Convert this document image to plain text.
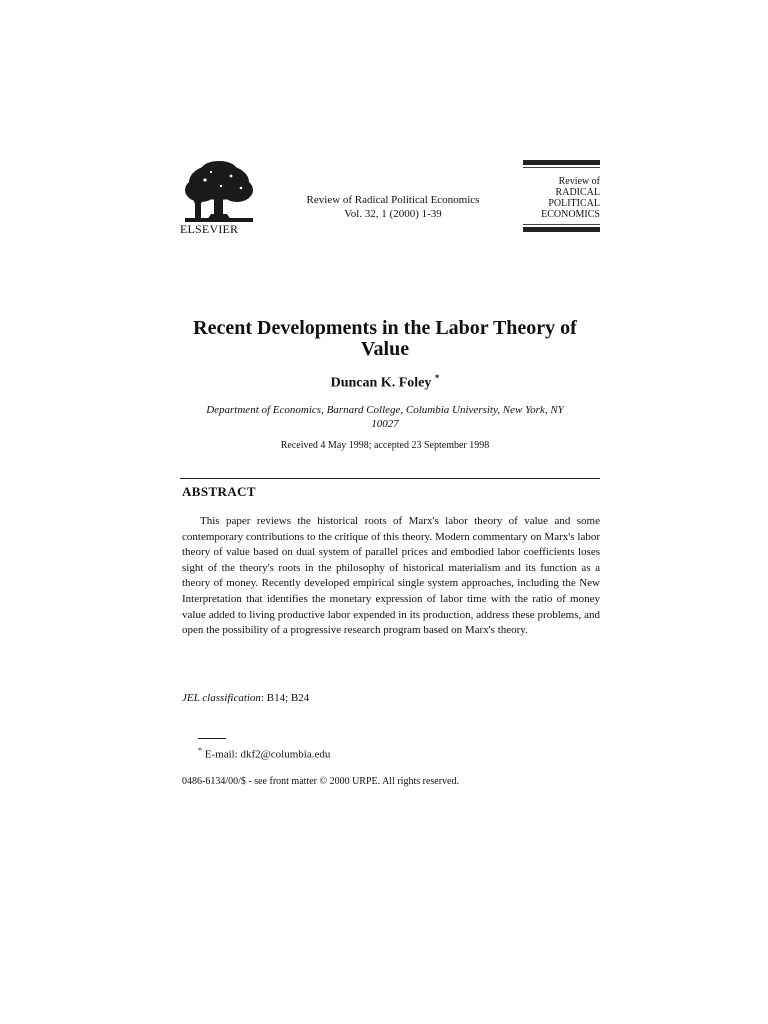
ELSEVIER
Review of Radical Political Economics
Vol. 32, 1 (2000) 1-39
Review of
RADICAL
POLITICAL
ECONOMICS
Recent Developments in the Labor Theory of Value
Duncan K. Foley *
Department of Economics, Barnard College, Columbia University, New York, NY
10027
Received 4 May 1998; accepted 23 September 1998
ABSTRACT
This paper reviews the historical roots of Marx's labor theory of value and some contemporary contributions to the critique of this theory. Modern commentary on Marx's labor theory of value based on dual system of parallel prices and embodied labor coefficients loses sight of the theory's roots in the philosophy of historical materialism and its function as a theory of money. Recently developed empirical single system approaches, including the New Interpretation that identifies the monetary expression of labor time with the ratio of money value added to living productive labor expended in its production, address these problems, and open the possibility of a progressive research program based on Marx's theory.
JEL classification: B14; B24
* E-mail: dkf2@columbia.edu
0486-6134/00/$ - see front matter © 2000 URPE. All rights reserved.
